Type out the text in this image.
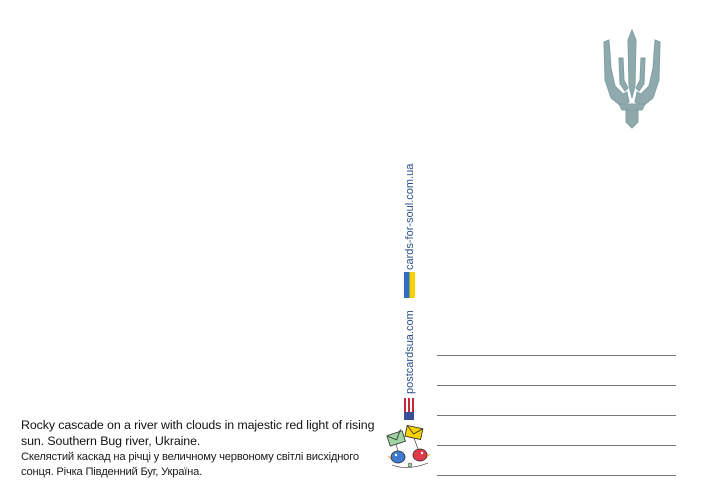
postcardsua.com
cards-for-soul.com.ua
Rocky cascade on a river with clouds in majestic red light of rising sun. Southern Bug river, Ukraine.
Скелястий каскад на річці у величному червоному світлі висхідного сонця. Річка Південний Буг, Україна.
